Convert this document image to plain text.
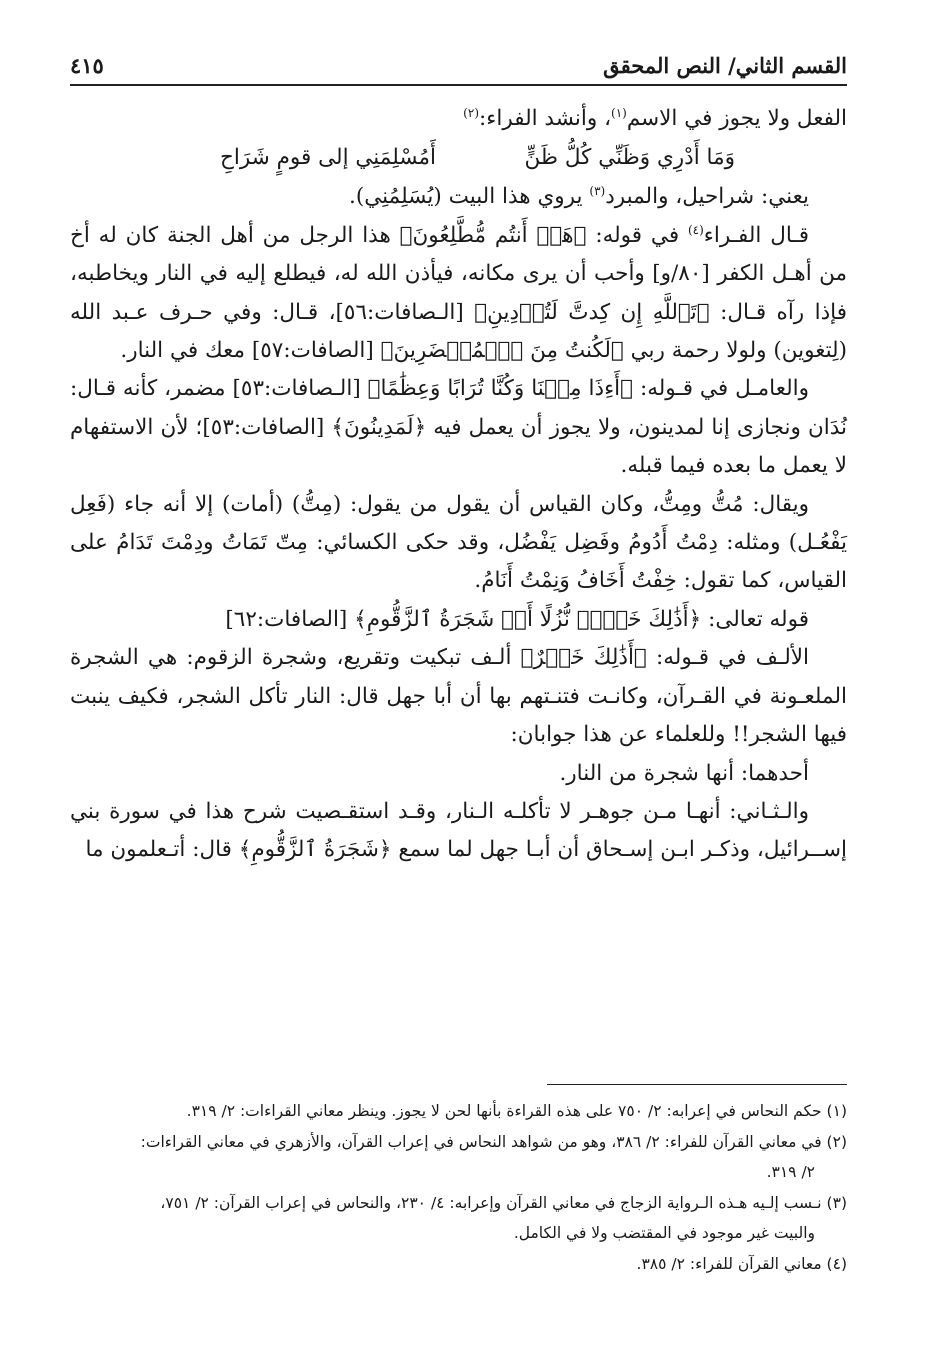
القسم الثاني/ النص المحقق
٤١٥

الفعل ولا يجوز في الاسم$^{(١)}$، وأنشد الفراء:$^{(٢)}$

وَمَا أَدْرِي وَظَنِّي كُلُّ ظَنٍّ
أَمُسْلِمَنِي إلى قومٍ شَرَاحِ

يعني: شراحيل، والمبرد$^{(٣)}$ يروي هذا البيت (يُسَلِمُنِي).

قـال الفـراء$^{(٤)}$ في قوله: ﴿هَلۡ أَنتُم مُّطَّلِعُونَ﴾ هذا الرجل من أهل الجنة كان له أخ من أهـل الكفر [٨٠/و] وأحب أن يرى مكانه، فيأذن الله له، فيطلع إليه في النار ويخاطبه، فإذا رآه قـال: ﴿تَٱللَّهِ إِن كِدتَّ لَتُرۡدِينِ﴾ [الـصافات:٥٦]، قـال: وفي حـرف عـبد الله (لِتغوين) ولولا رحمة ربي ﴿لَكُنتُ مِنَ ٱلۡمُحۡضَرِينَ﴾ [الصافات:٥٧] معك في النار.

والعامـل في قـوله: ﴿أَءِذَا مِتۡنَا وَكُنَّا تُرَابًا وَعِظَٰمًا﴾ [الـصافات:٥٣] مضمر، كأنه قـال: نُدَان ونجازى إنا لمدينون، ولا يجوز أن يعمل فيه ﴿لَمَدِينُونَ﴾ [الصافات:٥٣]؛ لأن الاستفهام لا يعمل ما بعده فيما قبله.

ويقال: مُتُّ ومِتُّ، وكان القياس أن يقول من يقول: (مِتُّ) (أمات) إلا أنه جاء (فَعِل يَفْعُـل) ومثله: دِمْتُ أَدُومُ وفَضِل يَفْضُل، وقد حكى الكسائي: مِتّ تَمَاتُ ودِمْتَ تَدَامُ على القياس، كما تقول: خِفْتُ أَخَافُ وَنِمْتُ أَنَامُ.

قوله تعالى: ﴿أَذَٰلِكَ خَيۡرٞ نُّزُلًا أَمۡ شَجَرَةُ ٱلزَّقُّومِ﴾ [الصافات:٦٢]

الألـف في قـوله: ﴿أَذَٰلِكَ خَيۡرٌ﴾ ألـف تبكيت وتقريع، وشجرة الزقوم: هي الشجرة الملعـونة في القـرآن، وكانـت فتنـتهم بها أن أبا جهل قال: النار تأكل الشجر، فكيف ينبت فيها الشجر!! وللعلماء عن هذا جوابان:

أحدهما: أنها شجرة من النار.

والـثـاني: أنهـا مـن جوهـر لا تأكلـه الـنار، وقـد استقـصيت شرح هذا في سورة بني إســرائيل، وذكـر ابـن إسـحاق أن أبـا جهل لما سمع ﴿شَجَرَةُ ٱلزَّقُّومِ﴾ قال: أتـعلمون ما

(١) حكم النحاس في إعرابه: ٢/ ٧٥٠ على هذه القراءة بأنها لحن لا يجوز. وينظر معاني القراءات: ٢/ ٣١٩.

(٢) في معاني القرآن للفراء: ٢/ ٣٨٦، وهو من شواهد النحاس في إعراب القرآن، والأزهري في معاني القراءات:

٢/ ٣١٩.

(٣) نـسب إلـيه هـذه الـرواية الزجاج في معاني القرآن وإعرابه: ٤/ ٢٣٠، والنحاس في إعراب القرآن: ٢/ ٧٥١،

والبيت غير موجود في المقتضب ولا في الكامل.

(٤) معاني القرآن للفراء: ٢/ ٣٨٥.
